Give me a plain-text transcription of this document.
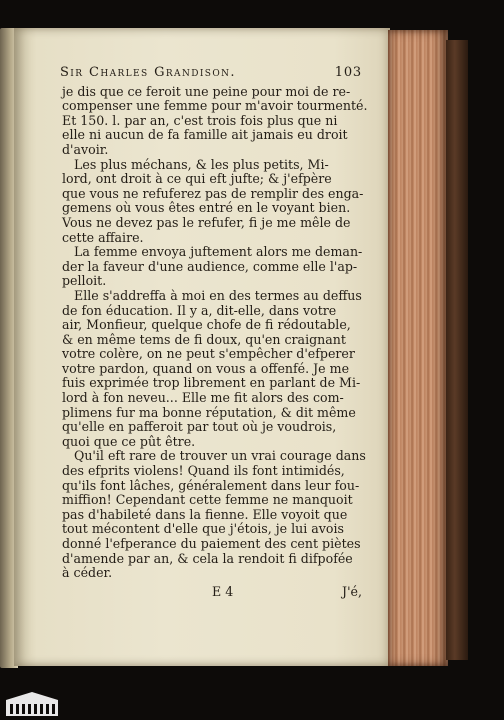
Sir Charles Grandison.	103
je dis que ce feroit une peine pour moi de re-
compenser une femme pour m'avoir tourmenté.
Et 150. l. par an, c'est trois fois plus que ni
elle ni aucun de fa famille ait jamais eu droit
d'avoir.
Les plus méchans, & les plus petits, Mi-
lord, ont droit à ce qui eft jufte; & j'efpère
que vous ne refuferez pas de remplir des enga-
gemens où vous êtes entré en le voyant bien.
Vous ne devez pas le refufer, fi je me mêle de
cette affaire.
La femme envoya juftement alors me deman-
der la faveur d'une audience, comme elle l'ap-
pelloit.
Elle s'addreffa à moi en des termes au deffus
de fon éducation. Il y a, dit-elle, dans votre
air, Monfieur, quelque chofe de fi rédoutable,
& en même tems de fi doux, qu'en craignant
votre colère, on ne peut s'empêcher d'efperer
votre pardon, quand on vous a offenfé. Je me
fuis exprimée trop librement en parlant de Mi-
lord à fon neveu... Elle me fit alors des com-
plimens fur ma bonne réputation, & dit même
qu'elle en pafferoit par tout où je voudrois,
quoi que ce pût être.
Qu'il eft rare de trouver un vrai courage dans
des efprits violens! Quand ils font intimidés,
qu'ils font lâches, généralement dans leur fou-
miffion! Cependant cette femme ne manquoit
pas d'habileté dans la fienne. Elle voyoit que
tout mécontent d'elle que j'étois, je lui avois
donné l'efperance du paiement des cent piètes
d'amende par an, & cela la rendoit fi difpofée
à céder.
E 4	J'é,
